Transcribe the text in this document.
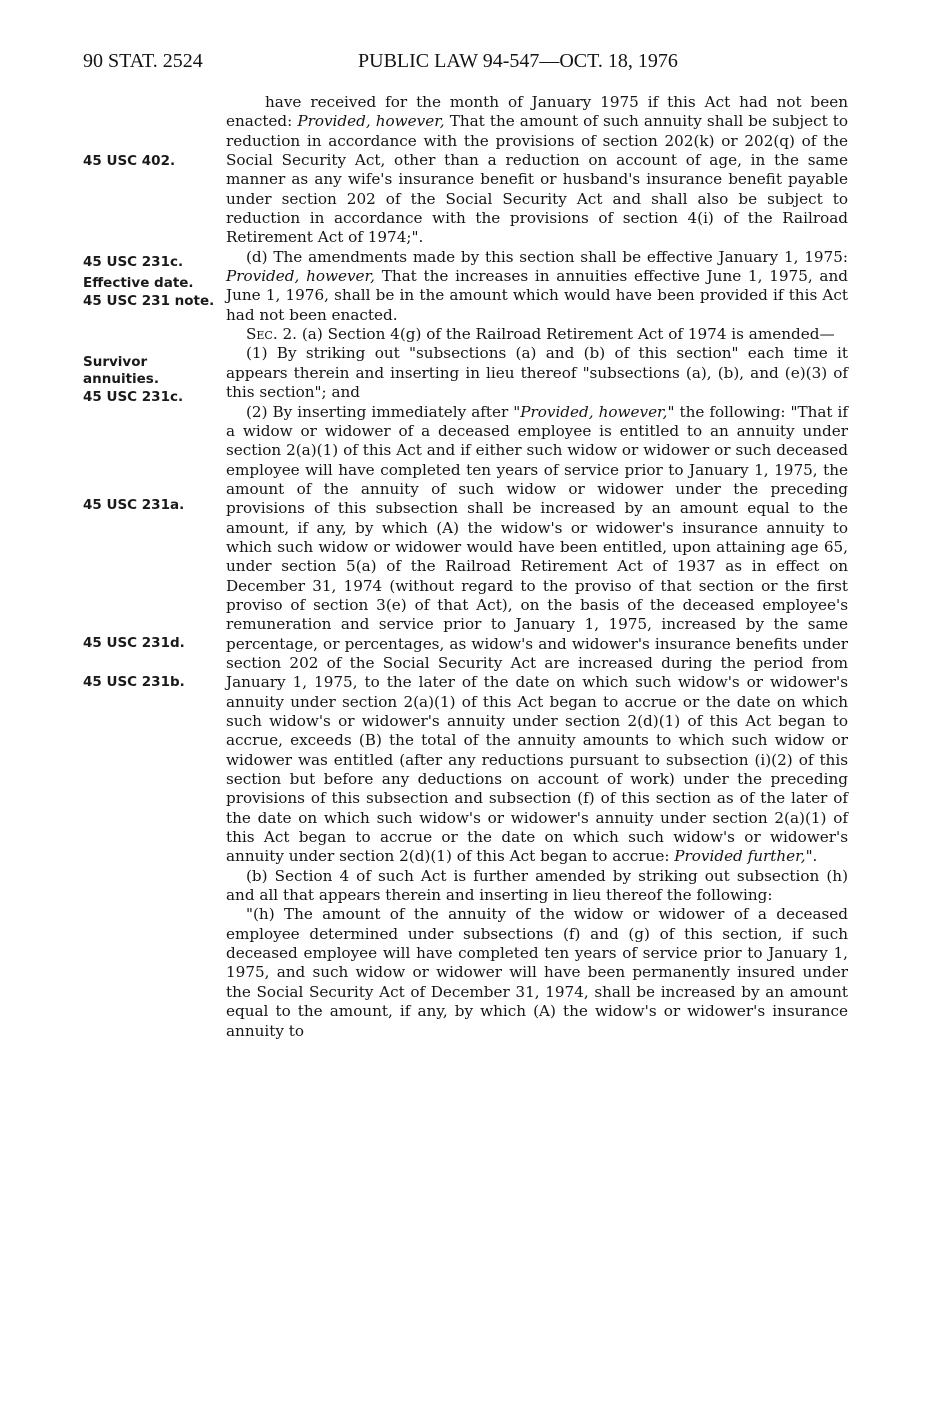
90 STAT. 2524	PUBLIC LAW 94-547—OCT. 18, 1976
45 USC 402.
45 USC 231c.
Effective date.
45 USC 231 note.
Survivor
annuities.
45 USC 231c.
45 USC 231a.
45 USC 231d.
45 USC 231b.

have received for the month of January 1975 if this Act had not been enacted: Provided, however, That the amount of such annuity shall be subject to reduction in accordance with the provisions of section 202(k) or 202(q) of the Social Security Act, other than a reduction on account of age, in the same manner as any wife's insurance benefit or husband's insurance benefit payable under section 202 of the Social Security Act and shall also be subject to reduction in accordance with the provisions of section 4(i) of the Railroad Retirement Act of 1974;".

(d) The amendments made by this section shall be effective January 1, 1975: Provided, however, That the increases in annuities effective June 1, 1975, and June 1, 1976, shall be in the amount which would have been provided if this Act had not been enacted.

Sec. 2. (a) Section 4(g) of the Railroad Retirement Act of 1974 is amended—

(1) By striking out "subsections (a) and (b) of this section" each time it appears therein and inserting in lieu thereof "subsections (a), (b), and (e)(3) of this section"; and

(2) By inserting immediately after "Provided, however," the following: "That if a widow or widower of a deceased employee is entitled to an annuity under section 2(a)(1) of this Act and if either such widow or widower or such deceased employee will have completed ten years of service prior to January 1, 1975, the amount of the annuity of such widow or widower under the preceding provisions of this subsection shall be increased by an amount equal to the amount, if any, by which (A) the widow's or widower's insurance annuity to which such widow or widower would have been entitled, upon attaining age 65, under section 5(a) of the Railroad Retirement Act of 1937 as in effect on December 31, 1974 (without regard to the proviso of that section or the first proviso of section 3(e) of that Act), on the basis of the deceased employee's remuneration and service prior to January 1, 1975, increased by the same percentage, or percentages, as widow's and widower's insurance benefits under section 202 of the Social Security Act are increased during the period from January 1, 1975, to the later of the date on which such widow's or widower's annuity under section 2(a)(1) of this Act began to accrue or the date on which such widow's or widower's annuity under section 2(d)(1) of this Act began to accrue, exceeds (B) the total of the annuity amounts to which such widow or widower was entitled (after any reductions pursuant to subsection (i)(2) of this section but before any deductions on account of work) under the preceding provisions of this subsection and subsection (f) of this section as of the later of the date on which such widow's or widower's annuity under section 2(a)(1) of this Act began to accrue or the date on which such widow's or widower's annuity under section 2(d)(1) of this Act began to accrue: Provided further,".

(b) Section 4 of such Act is further amended by striking out subsection (h) and all that appears therein and inserting in lieu thereof the following:

"(h) The amount of the annuity of the widow or widower of a deceased employee determined under subsections (f) and (g) of this section, if such deceased employee will have completed ten years of service prior to January 1, 1975, and such widow or widower will have been permanently insured under the Social Security Act of December 31, 1974, shall be increased by an amount equal to the amount, if any, by which (A) the widow's or widower's insurance annuity to
